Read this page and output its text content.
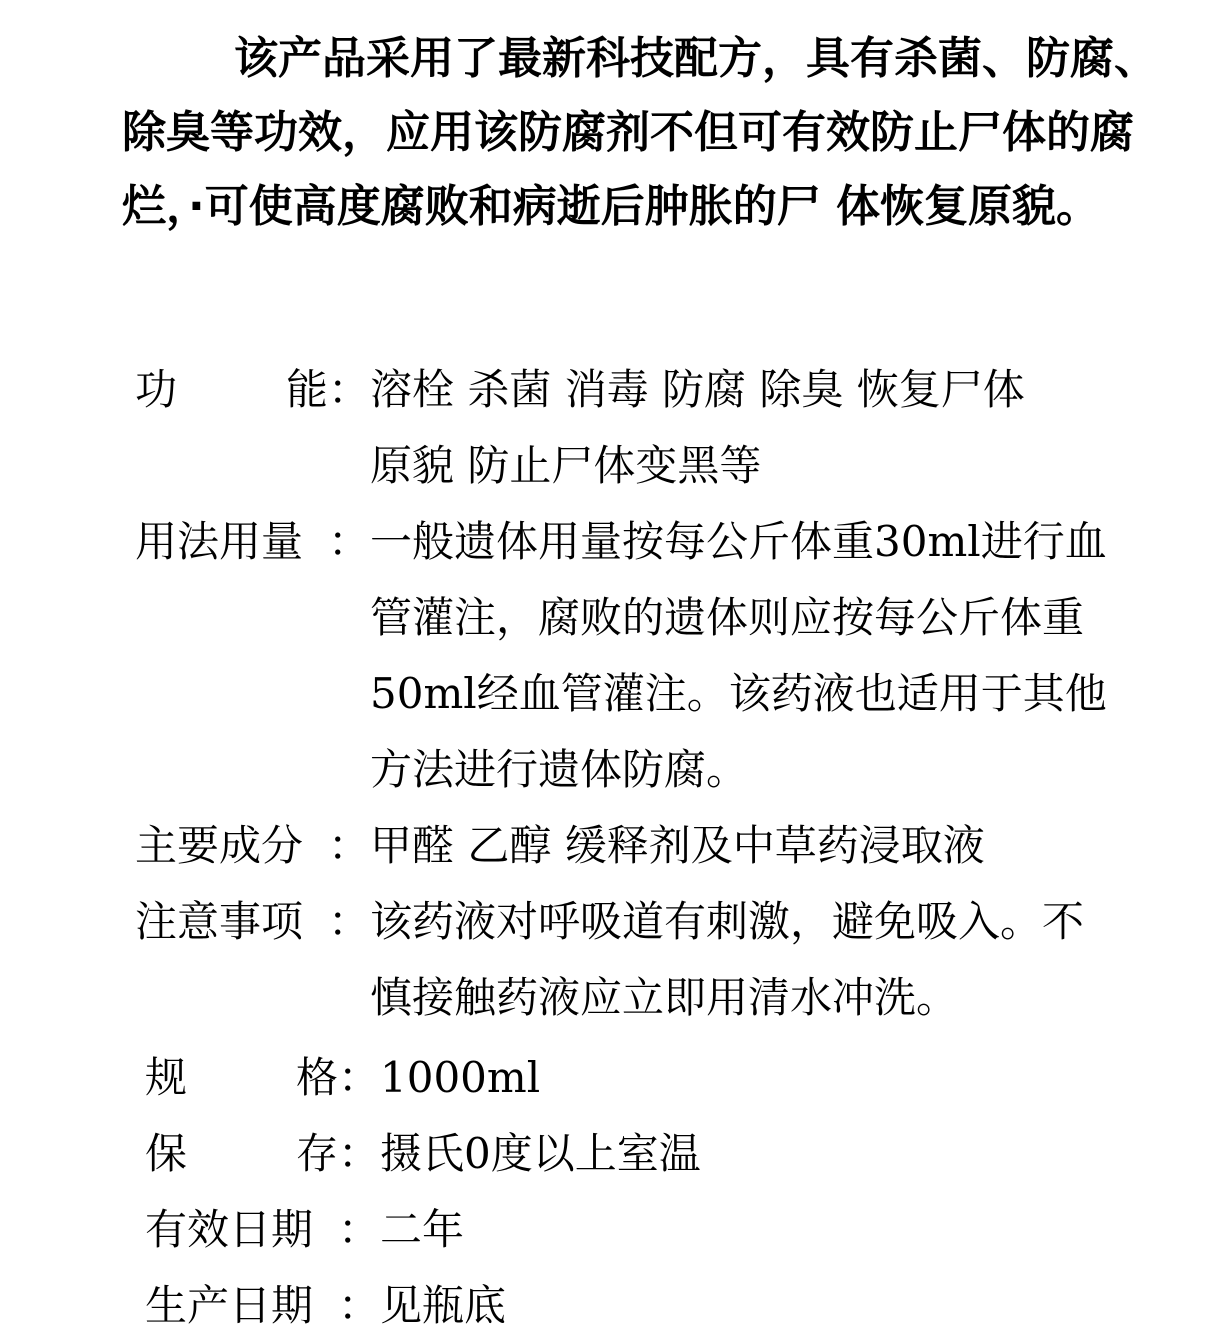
该产品采用了最新科技配方，具有杀菌、防腐、
除臭等功效，应用该防腐剂不但可有效防止尸体的腐
烂，·可使高度腐败和病逝后肿胀的尸 体恢复原貌。
功	能 ： 溶栓 杀菌 消毒 防腐 除臭 恢复尸体
原貌 防止尸体变黑等
用法用量 ： 一般遗体用量按每公斤体重30ml进行血
管灌注，腐败的遗体则应按每公斤体重
50ml经血管灌注。该药液也适用于其他
方法进行遗体防腐。
主要成分 ： 甲醛 乙醇 缓释剂及中草药浸取液
注意事项 ： 该药液对呼吸道有刺激，避免吸入。不
慎接触药液应立即用清水冲洗。
规	格 ： 1000ml
保	存 ： 摄氏0度以上室温
有效日期 ： 二年
生产日期 ： 见瓶底
